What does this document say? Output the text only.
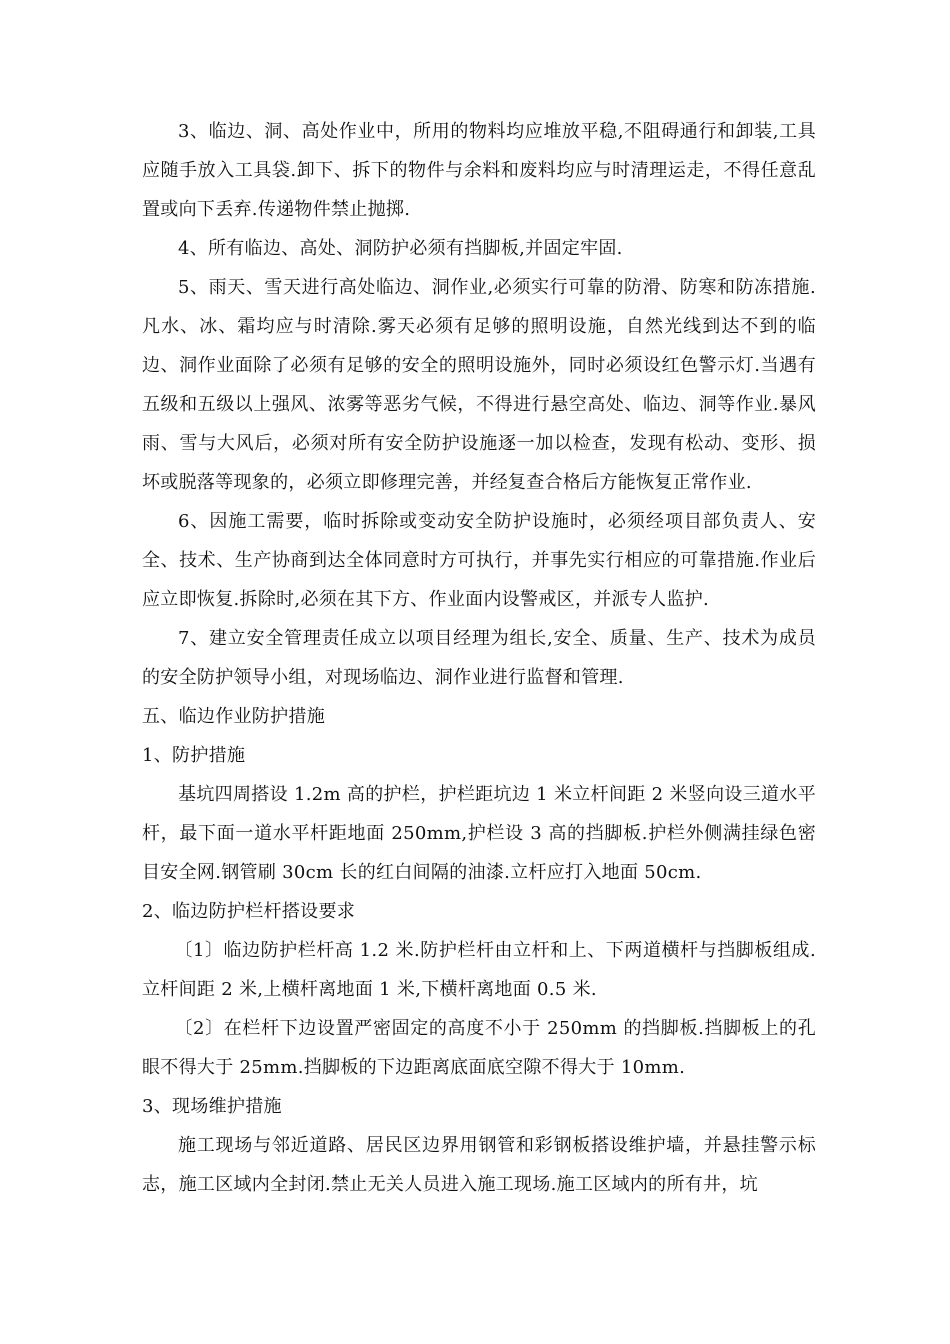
3、临边、洞、高处作业中，所用的物料均应堆放平稳,不阻碍通行和卸装,工具应随手放入工具袋.卸下、拆下的物件与余料和废料均应与时清理运走，不得任意乱置或向下丢弃.传递物件禁止抛掷.

4、所有临边、高处、洞防护必须有挡脚板,并固定牢固.

5、雨天、雪天进行高处临边、洞作业,必须实行可靠的防滑、防寒和防冻措施.凡水、冰、霜均应与时清除.雾天必须有足够的照明设施，自然光线到达不到的临边、洞作业面除了必须有足够的安全的照明设施外，同时必须设红色警示灯.当遇有五级和五级以上强风、浓雾等恶劣气候，不得进行悬空高处、临边、洞等作业.暴风雨、雪与大风后，必须对所有安全防护设施逐一加以检查，发现有松动、变形、损坏或脱落等现象的，必须立即修理完善，并经复查合格后方能恢复正常作业.

6、因施工需要，临时拆除或变动安全防护设施时，必须经项目部负责人、安全、技术、生产协商到达全体同意时方可执行，并事先实行相应的可靠措施.作业后应立即恢复.拆除时,必须在其下方、作业面内设警戒区，并派专人监护.

7、建立安全管理责任成立以项目经理为组长,安全、质量、生产、技术为成员的安全防护领导小组，对现场临边、洞作业进行监督和管理.

五、临边作业防护措施

1、防护措施

基坑四周搭设 1.2m 高的护栏，护栏距坑边 1 米立杆间距 2 米竖向设三道水平杆，最下面一道水平杆距地面 250mm,护栏设 3 高的挡脚板.护栏外侧满挂绿色密目安全网.钢管刷 30cm 长的红白间隔的油漆.立杆应打入地面 50cm.

2、临边防护栏杆搭设要求

〔1〕临边防护栏杆高 1.2 米.防护栏杆由立杆和上、下两道横杆与挡脚板组成.立杆间距 2 米,上横杆离地面 1 米,下横杆离地面 0.5 米.

〔2〕在栏杆下边设置严密固定的高度不小于 250mm 的挡脚板.挡脚板上的孔眼不得大于 25mm.挡脚板的下边距离底面底空隙不得大于 10mm.

3、现场维护措施

施工现场与邻近道路、居民区边界用钢管和彩钢板搭设维护墙，并悬挂警示标志，施工区域内全封闭.禁止无关人员进入施工现场.施工区域内的所有井，坑
